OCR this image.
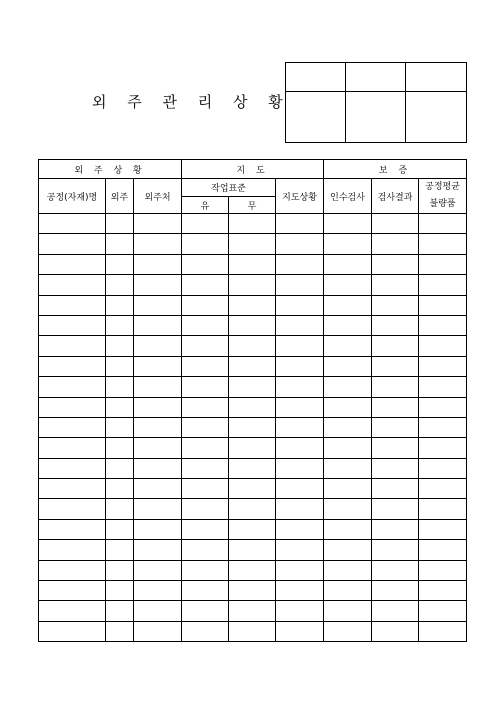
외 주 관 리 상 황

외 주 상 황			지 도			보 증		
공정(자재)명	외주	외주처	작업표준		지도상황	인수검사	검사결과	공정평균
불량품

			유	무				
